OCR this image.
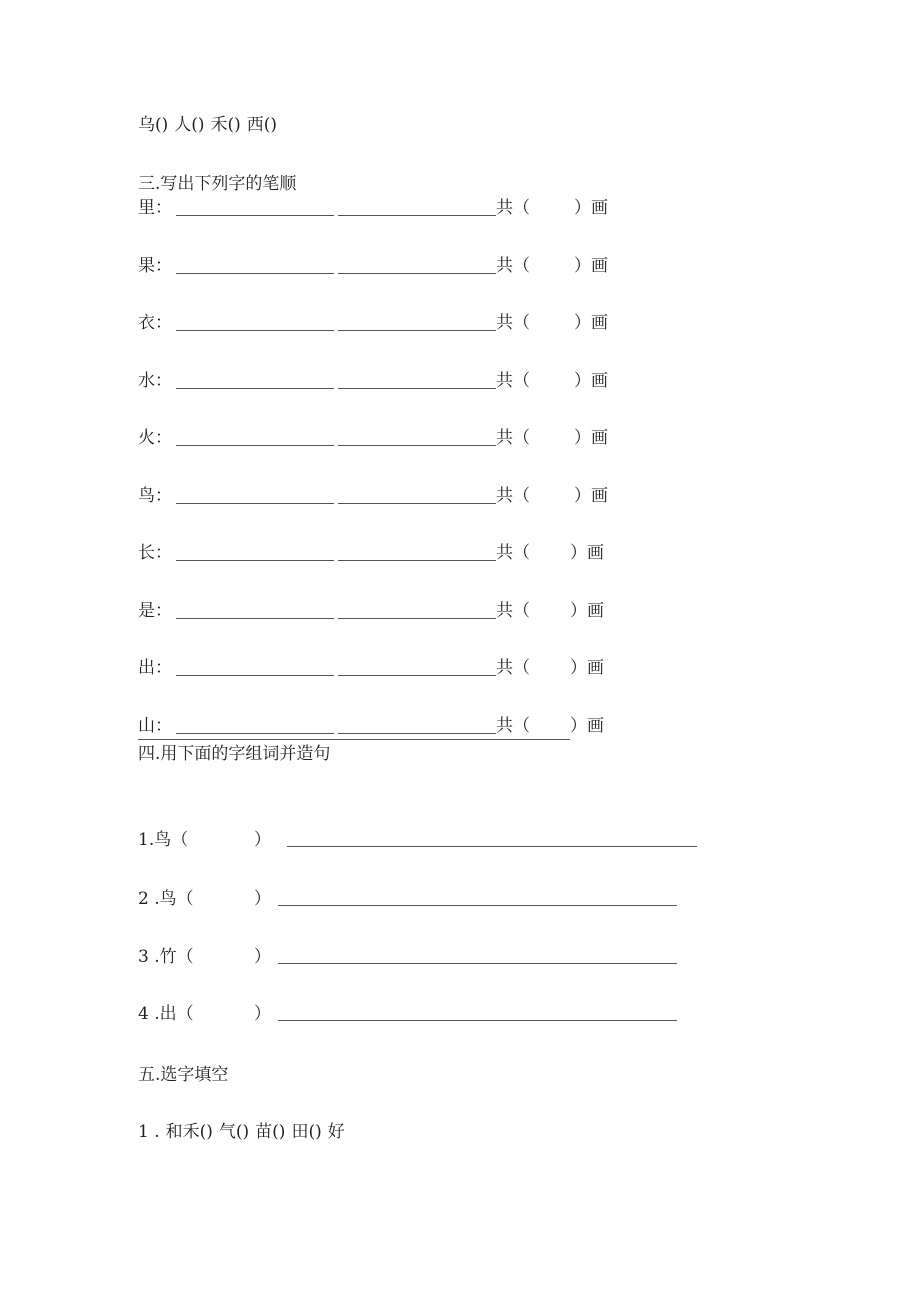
乌() 人() 禾() 西()
三.写出下列字的笔顺
里：	共（	）画
果：	共（	）画
衣：	共（	）画
水：	共（	）画
火：	共（	）画
鸟：	共（	）画
长：	共（ ）画
是：	共（ ）画
出：	共（ ）画
山：	共（ ）画
四.用下面的字组词并造句
1.鸟（	）
2 .鸟（	）
3 .竹（	）
4 .出（	）
五.选字填空
1 . 和禾() 气() 苗() 田() 好
